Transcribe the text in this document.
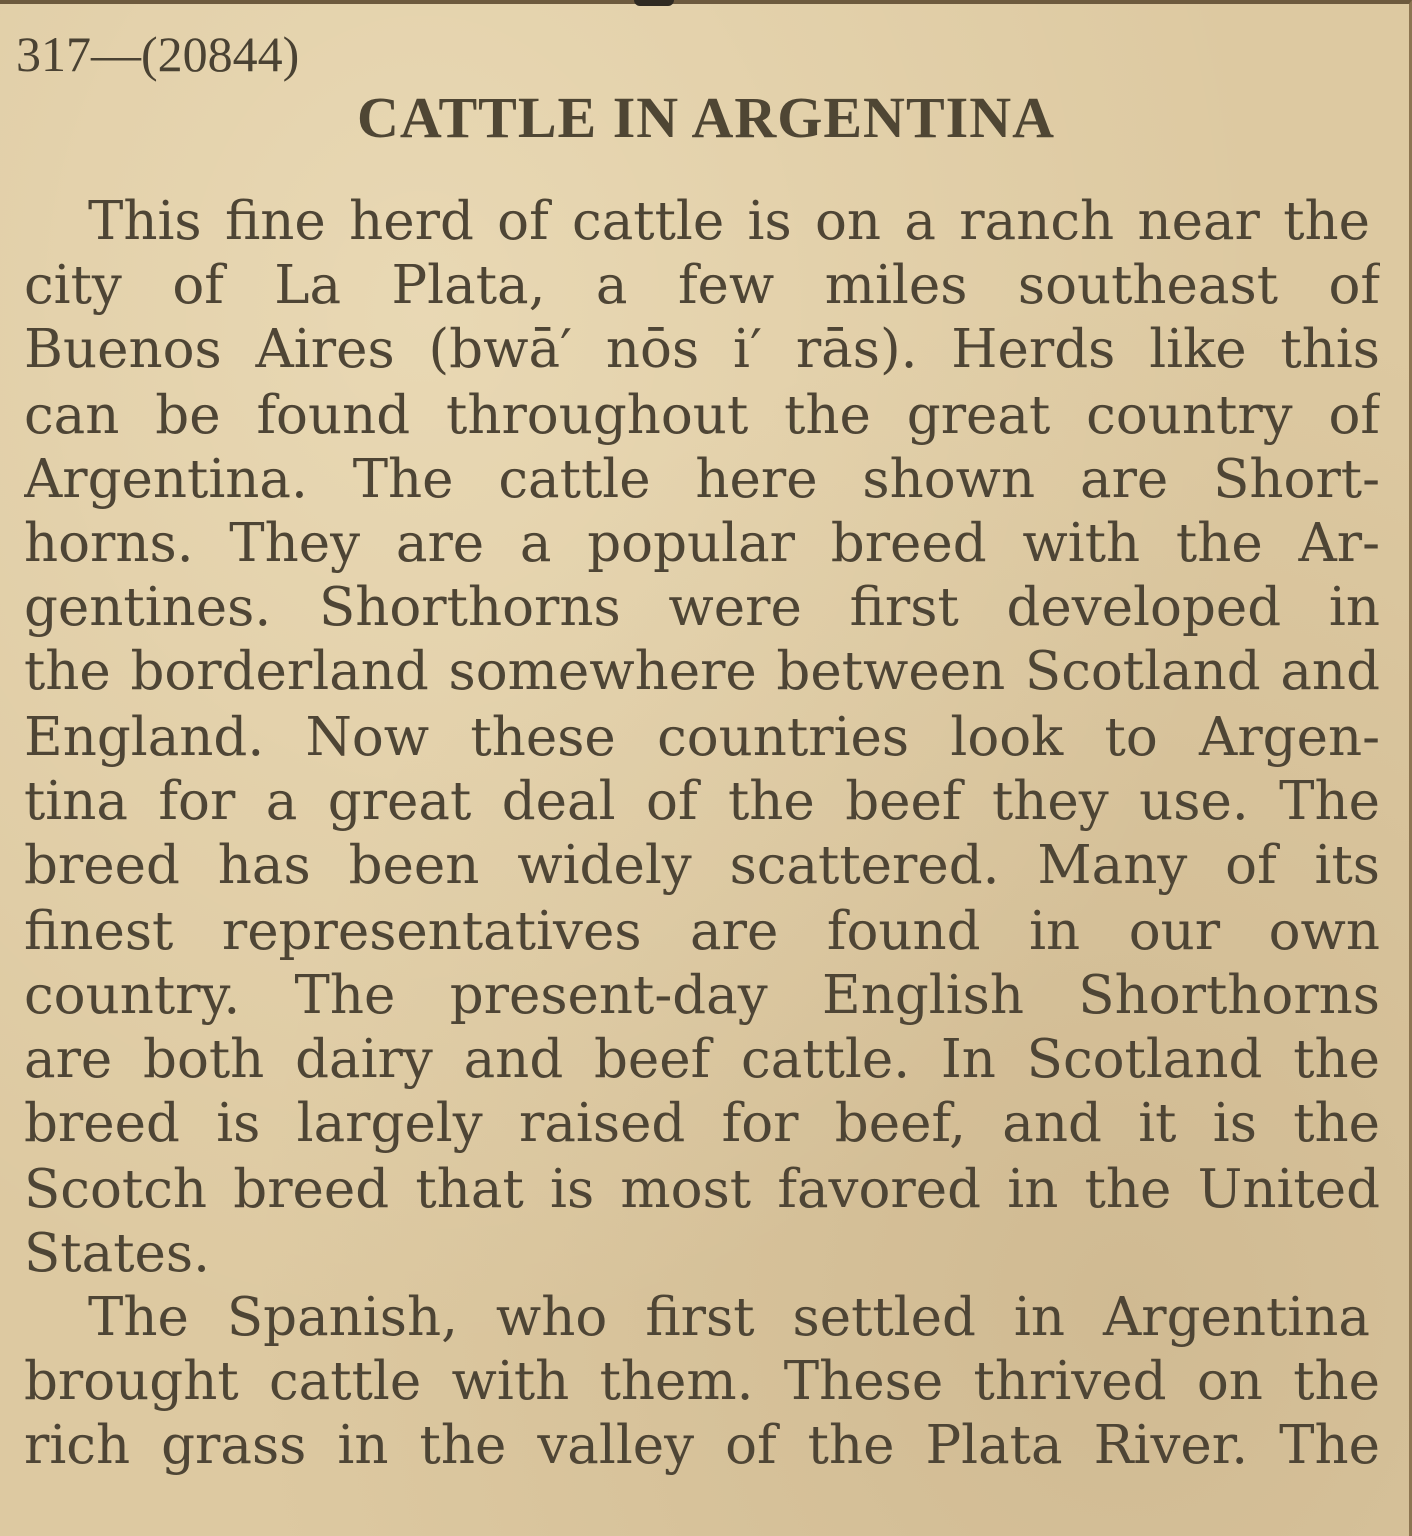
317—(20844)
CATTLE IN ARGENTINA
This fine herd of cattle is on a ranch near the
city of La Plata, a few miles southeast of
Buenos Aires (bwā′ nōs i′ rās). Herds like this
can be found throughout the great country of
Argentina. The cattle here shown are Short-
horns. They are a popular breed with the Ar-
gentines. Shorthorns were first developed in
the borderland somewhere between Scotland and
England. Now these countries look to Argen-
tina for a great deal of the beef they use. The
breed has been widely scattered. Many of its
finest representatives are found in our own
country. The present-day English Shorthorns
are both dairy and beef cattle. In Scotland the
breed is largely raised for beef, and it is the
Scotch breed that is most favored in the United
States.
The Spanish, who first settled in Argentina
brought cattle with them. These thrived on the
rich grass in the valley of the Plata River. The
